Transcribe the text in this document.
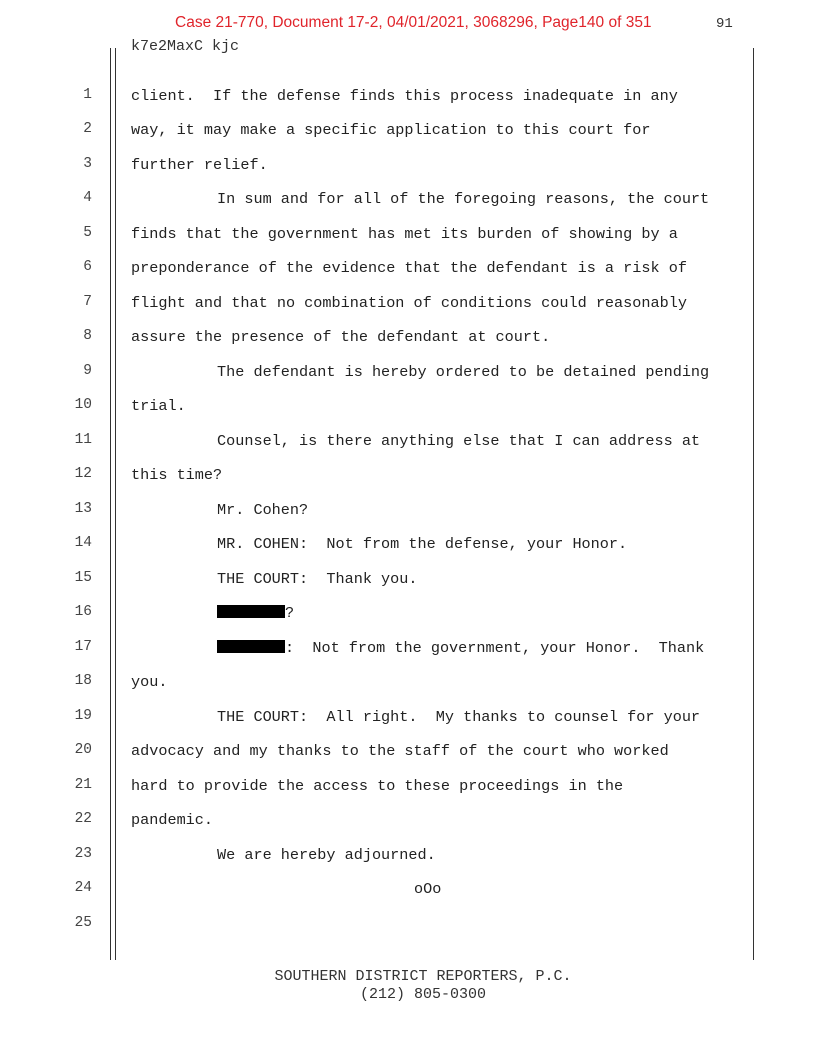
Case 21-770, Document 17-2, 04/01/2021, 3068296, Page140 of 351	91
k7e2MaxC kjc
1	client.  If the defense finds this process inadequate in any
2	way, it may make a specific application to this court for
3	further relief.
4	In sum and for all of the foregoing reasons, the court
5	finds that the government has met its burden of showing by a
6	preponderance of the evidence that the defendant is a risk of
7	flight and that no combination of conditions could reasonably
8	assure the presence of the defendant at court.
9	The defendant is hereby ordered to be detained pending
10	trial.
11	Counsel, is there anything else that I can address at
12	this time?
13	Mr. Cohen?
14	MR. COHEN:  Not from the defense, your Honor.
15	THE COURT:  Thank you.
16	?
17	:  Not from the government, your Honor.  Thank
18	you.
19	THE COURT:  All right.  My thanks to counsel for your
20	advocacy and my thanks to the staff of the court who worked
21	hard to provide the access to these proceedings in the
22	pandemic.
23	We are hereby adjourned.
24	oOo
25
SOUTHERN DISTRICT REPORTERS, P.C.
(212) 805-0300
